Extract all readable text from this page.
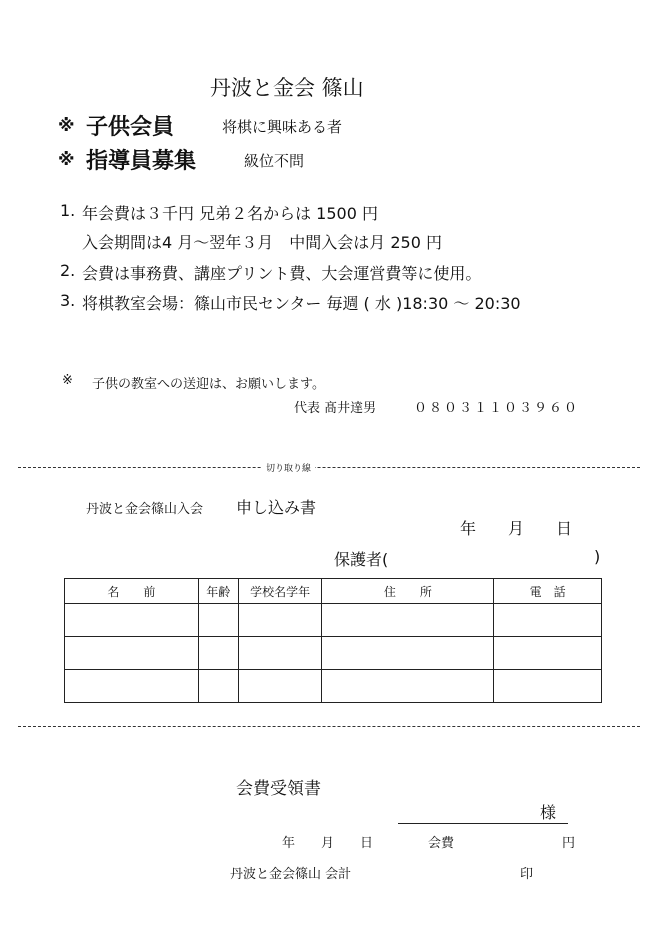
丹波と金会 篠山
※ 子供会員	将棋に興味ある者
※ 指導員募集	級位不問
1. 年会費は３千円 兄弟２名からは 1500 円
入会期間は4 月〜翌年３月　中間入会は月 250 円
2. 会費は事務費、講座プリント費、大会運営費等に使用。
3. 将棋教室会場：篠山市民センター 毎週 ( 水 )18:30 〜 20:30
※ 子供の教室への送迎は、お願いします。
代表 髙井達男	０８０３１１０３９６０
切り取り線
丹波と金会篠山入会 申し込み書
年　　月　　日
保護者(	)
名　　前	年齢	学校名学年	住　　所	電　話

会費受領書
様
年　　月　　日	会費	円
丹波と金会篠山 会計	印
